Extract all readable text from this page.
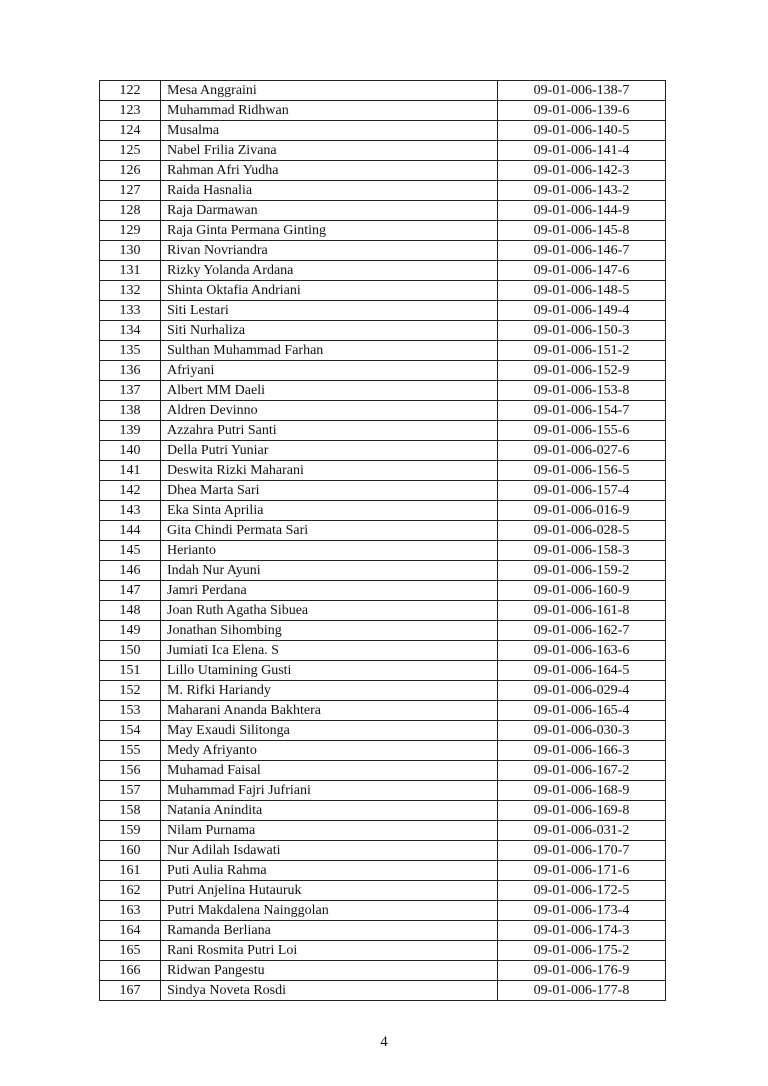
122	Mesa Anggraini	09-01-006-138-7
123	Muhammad Ridhwan	09-01-006-139-6
124	Musalma	09-01-006-140-5
125	Nabel Frilia Zivana	09-01-006-141-4
126	Rahman Afri Yudha	09-01-006-142-3
127	Raida Hasnalia	09-01-006-143-2
128	Raja Darmawan	09-01-006-144-9
129	Raja Ginta Permana Ginting	09-01-006-145-8
130	Rivan Novriandra	09-01-006-146-7
131	Rizky Yolanda Ardana	09-01-006-147-6
132	Shinta Oktafia Andriani	09-01-006-148-5
133	Siti Lestari	09-01-006-149-4
134	Siti Nurhaliza	09-01-006-150-3
135	Sulthan Muhammad Farhan	09-01-006-151-2
136	Afriyani	09-01-006-152-9
137	Albert MM Daeli	09-01-006-153-8
138	Aldren Devinno	09-01-006-154-7
139	Azzahra Putri Santi	09-01-006-155-6
140	Della Putri Yuniar	09-01-006-027-6
141	Deswita Rizki Maharani	09-01-006-156-5
142	Dhea Marta Sari	09-01-006-157-4
143	Eka Sinta Aprilia	09-01-006-016-9
144	Gita Chindi Permata Sari	09-01-006-028-5
145	Herianto	09-01-006-158-3
146	Indah Nur Ayuni	09-01-006-159-2
147	Jamri Perdana	09-01-006-160-9
148	Joan Ruth Agatha Sibuea	09-01-006-161-8
149	Jonathan Sihombing	09-01-006-162-7
150	Jumiati Ica Elena. S	09-01-006-163-6
151	Lillo Utamining Gusti	09-01-006-164-5
152	M. Rifki Hariandy	09-01-006-029-4
153	Maharani Ananda Bakhtera	09-01-006-165-4
154	May Exaudi Silitonga	09-01-006-030-3
155	Medy Afriyanto	09-01-006-166-3
156	Muhamad Faisal	09-01-006-167-2
157	Muhammad Fajri Jufriani	09-01-006-168-9
158	Natania Anindita	09-01-006-169-8
159	Nilam Purnama	09-01-006-031-2
160	Nur Adilah Isdawati	09-01-006-170-7
161	Puti Aulia Rahma	09-01-006-171-6
162	Putri Anjelina Hutauruk	09-01-006-172-5
163	Putri Makdalena Nainggolan	09-01-006-173-4
164	Ramanda Berliana	09-01-006-174-3
165	Rani Rosmita Putri Loi	09-01-006-175-2
166	Ridwan Pangestu	09-01-006-176-9
167	Sindya Noveta Rosdi	09-01-006-177-8
4
